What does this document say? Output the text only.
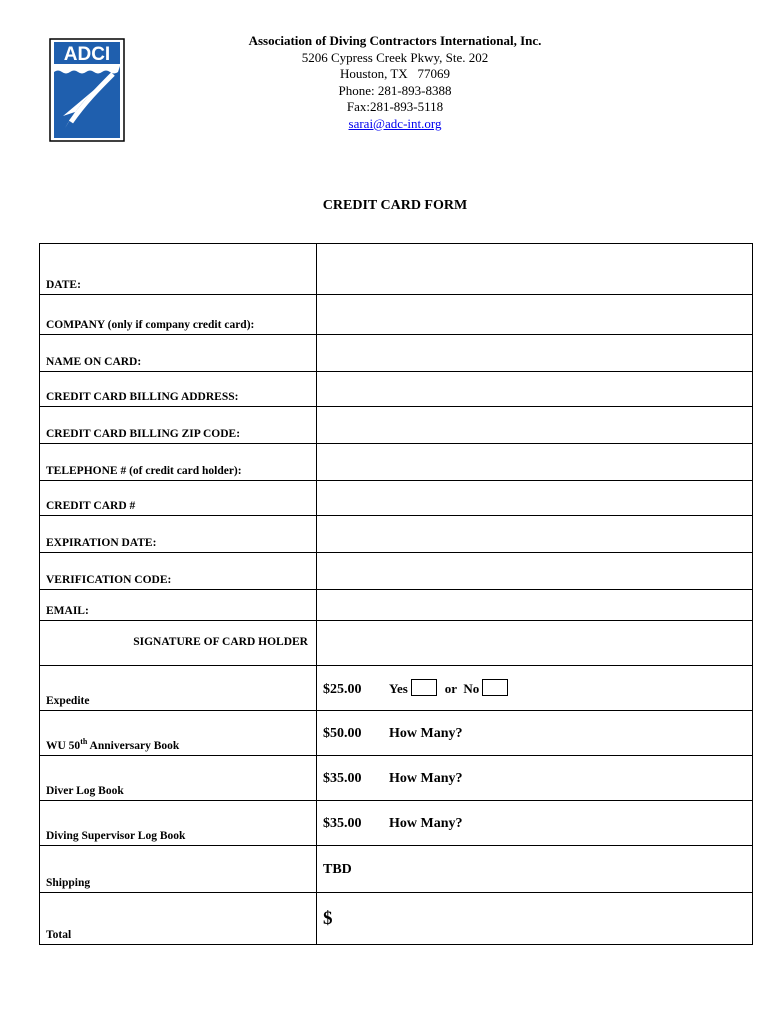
ADCI
Association of Diving Contractors International, Inc.
5206 Cypress Creek Pkwy, Ste. 202
Houston, TX   77069
Phone: 281-893-8388
Fax:281-893-5118
sarai@adc-int.org
CREDIT CARD FORM
DATE:	
COMPANY (only if company credit card):	
NAME ON CARD:	
CREDIT CARD BILLING ADDRESS:	
CREDIT CARD BILLING ZIP CODE:	
TELEPHONE # (of credit card holder):	
CREDIT CARD #	
EXPIRATION DATE:	
VERIFICATION CODE:	
EMAIL:	
SIGNATURE OF CARD HOLDER	
Expedite	$25.00 Yes or  No
WU 50th Anniversary Book	$50.00 How Many?
Diver Log Book	$35.00 How Many?
Diving Supervisor Log Book	$35.00 How Many?
Shipping	TBD
Total	$
